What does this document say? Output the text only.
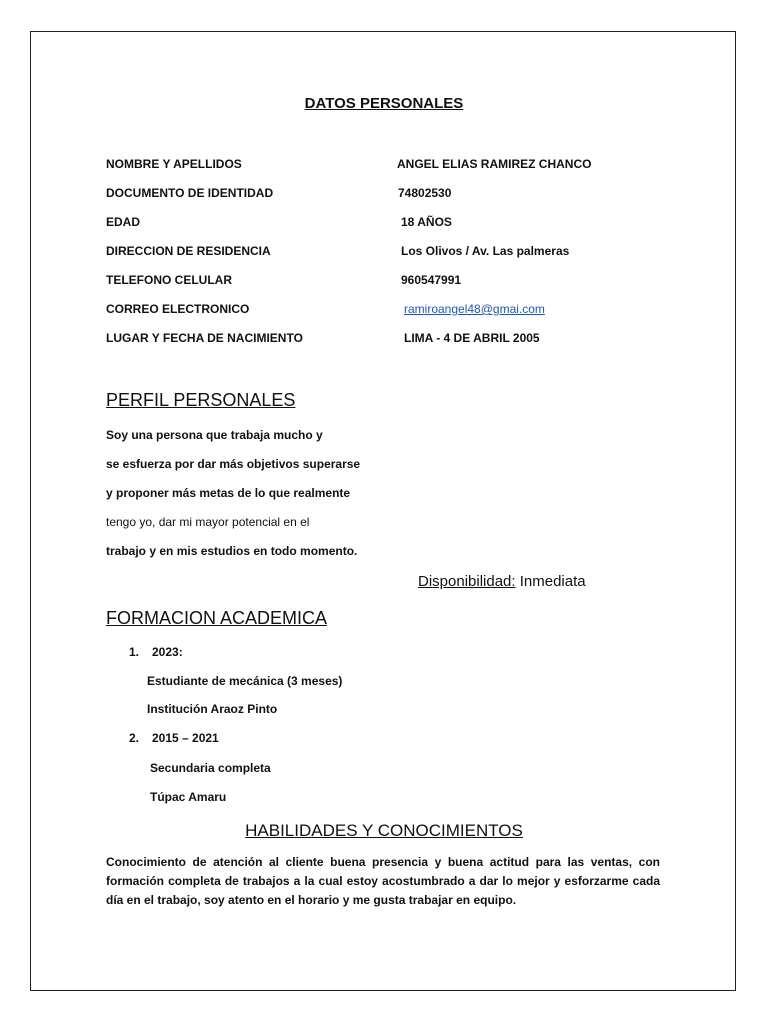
DATOS PERSONALES
NOMBRE Y APELLIDOS	ANGEL ELIAS RAMIREZ CHANCO
DOCUMENTO DE IDENTIDAD	74802530
EDAD	18 AÑOS
DIRECCION DE RESIDENCIA	Los Olivos / Av. Las palmeras
TELEFONO CELULAR	960547991
CORREO ELECTRONICO	ramiroangel48@gmai.com
LUGAR Y FECHA DE NACIMIENTO	LIMA - 4 DE ABRIL 2005
PERFIL PERSONALES
Soy una persona que trabaja mucho y
se esfuerza por dar más objetivos superarse
y proponer más metas de lo que realmente
tengo yo, dar mi mayor potencial en el
trabajo y en mis estudios en todo momento.
Disponibilidad: Inmediata
FORMACION ACADEMICA
1. 2023:
Estudiante de mecánica (3 meses)
Institución Araoz Pinto
2. 2015 – 2021
Secundaria completa
Túpac Amaru
HABILIDADES Y CONOCIMIENTOS
Conocimiento de atención al cliente buena presencia y buena actitud para las ventas, con formación completa de trabajos a la cual estoy acostumbrado a dar lo mejor y esforzarme cada día en el trabajo, soy atento en el horario y me gusta trabajar en equipo.
